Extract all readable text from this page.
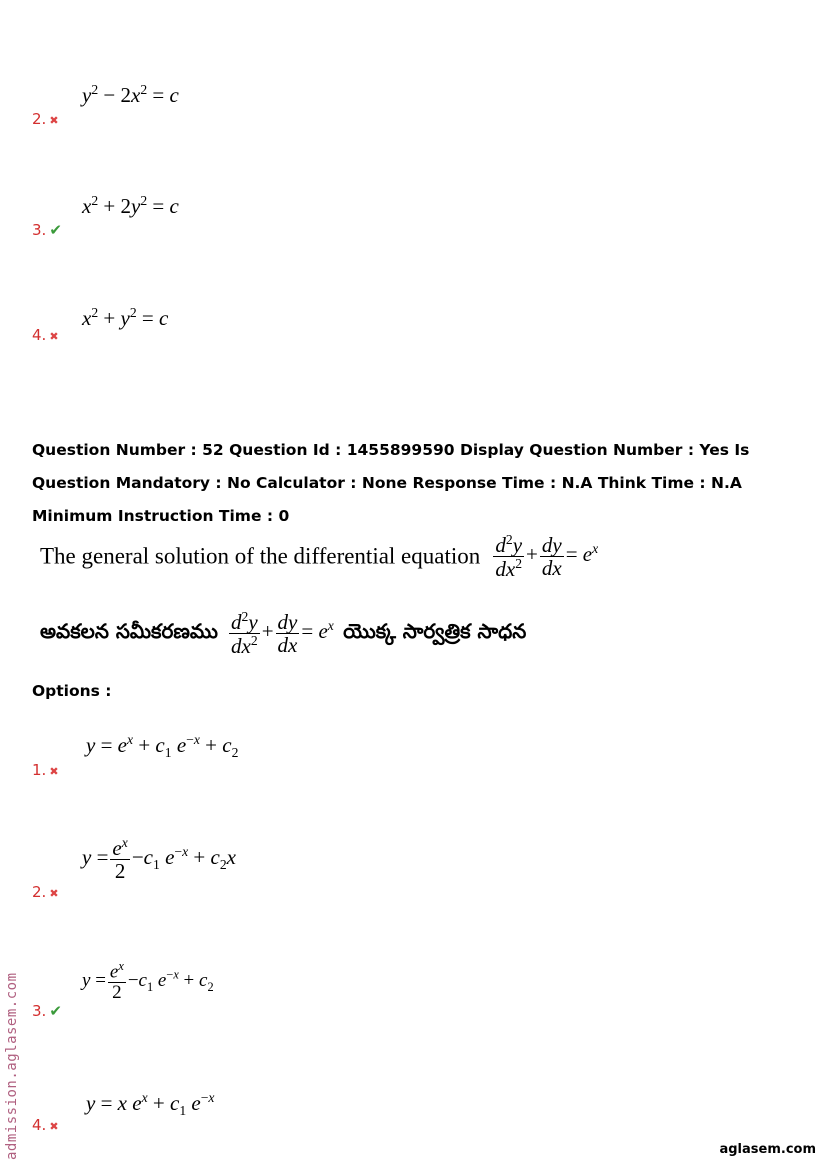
$y^2 - 2x^2 = c$
2. ✖
$x^2 + 2y^2 = c$
3. ✔
$x^2 + y^2 = c$
4. ✖
Question Number : 52 Question Id : 1455899590 Display Question Number : Yes Is Question Mandatory : No Calculator : None Response Time : N.A Think Time : N.A Minimum Instruction Time : 0
The general solution of the differential equation $\frac{d^2y}{dx^2} + \frac{dy}{dx} = e^x$
అవకలన సమీకరణము $\frac{d^2y}{dx^2} + \frac{dy}{dx} = e^x$ యొక్క సార్వత్రిక సాధన
Options :
$y = e^x + c_1$ $e^{-x} + c_2$
1. ✖
$y = \frac{e^x}{2} -c_1$ $e^{-x} + c_2x$
2. ✖
$y = \frac{e^x}{2} -c_1$ $e^{-x} + c_2$
3. ✔
y = x $e^x + c_1$ $e^{-x}$
4. ✖
admission.aglasem.com	aglasem.com
